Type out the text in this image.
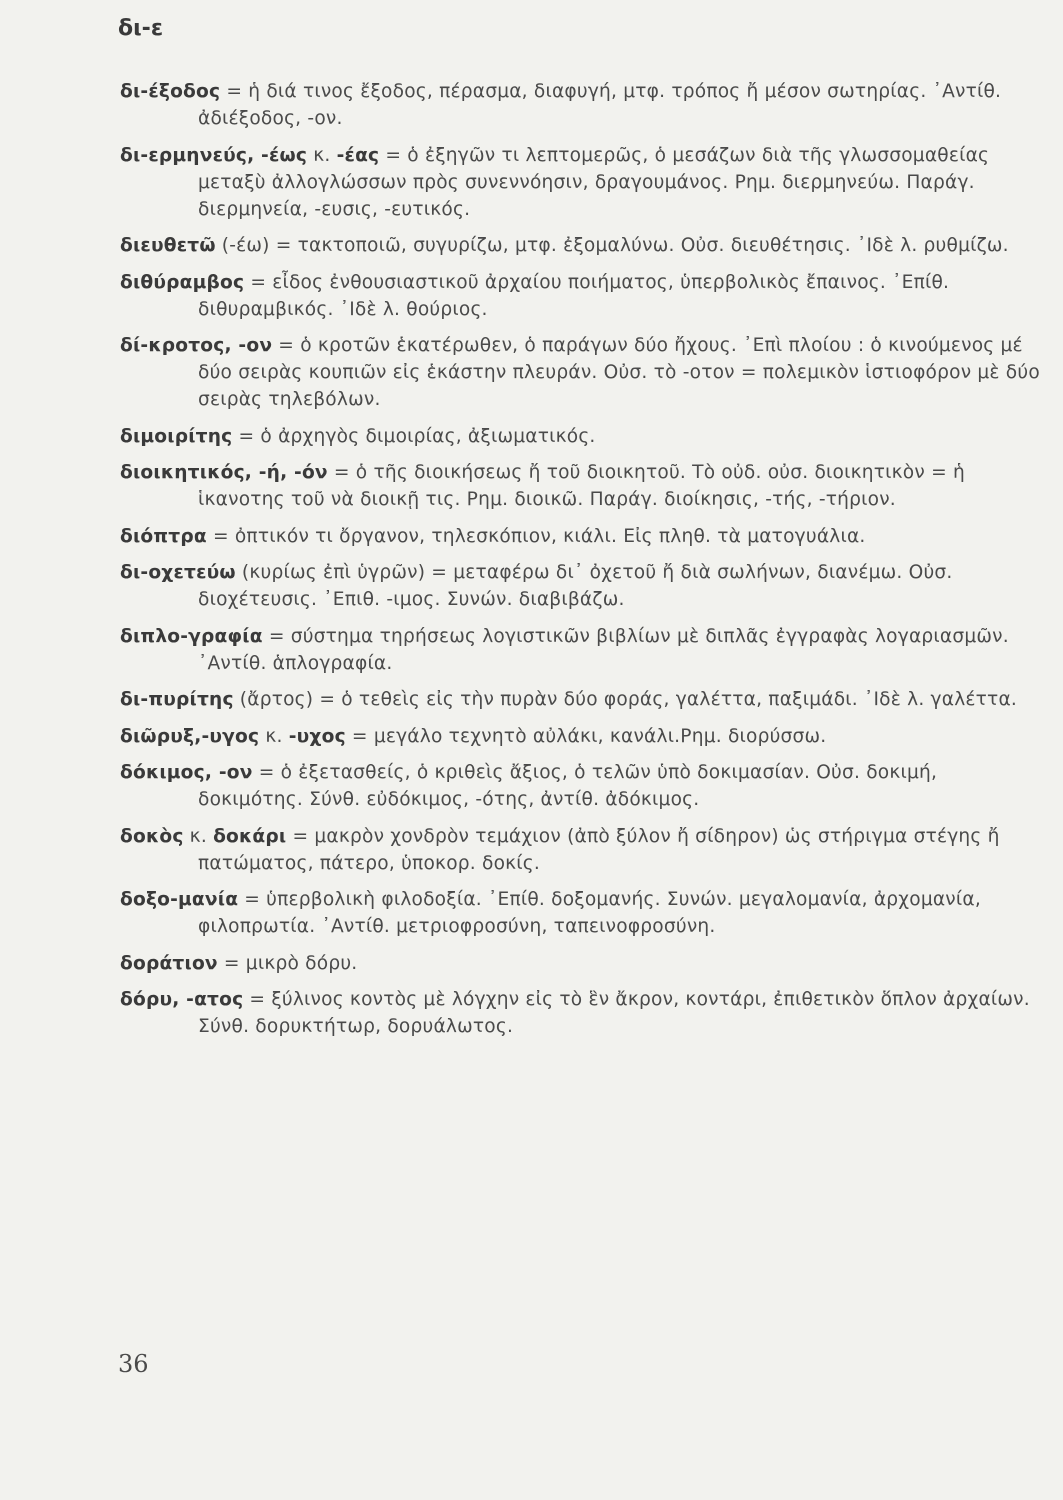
δι-ε
δι-έξοδος = ἡ διά τινος ἔξοδος, πέρασμα, διαφυγή, μτφ. τρόπος ἤ μέσον σωτηρίας. ᾽Αντίθ. ἀδιέξοδος, -ον.
δι-ερμηνεύς, -έως κ. -έας = ὁ ἐξηγῶν τι λεπτομερῶς, ὁ μεσάζων διὰ τῆς γλωσσομαθείας μεταξὺ ἀλλογλώσσων πρὸς συνεννόησιν, δραγουμάνος. Ρημ. διερμηνεύω. Παράγ. διερμηνεία, -ευσις, -ευτικός.
διευθετῶ (-έω) = τακτοποιῶ, συγυρίζω, μτφ. ἐξομαλύνω. Οὐσ. διευθέτησις. ᾽Ιδὲ λ. ρυθμίζω.
διθύραμβος = εἶδος ἐνθουσιαστικοῦ ἀρχαίου ποιήματος, ὑπερβολικὸς ἔπαινος. ᾽Επίθ. διθυραμβικός. ᾽Ιδὲ λ. θούριος.
δί-κροτος, -ον = ὁ κροτῶν ἑκατέρωθεν, ὁ παράγων δύο ἤχους. ᾽Επὶ πλοίου : ὁ κινούμενος μέ δύο σειρὰς κουπιῶν εἰς ἑκάστην πλευράν. Οὐσ. τὸ -οτον = πολεμικὸν ἱστιοφόρον μὲ δύο σειρὰς τηλεβόλων.
διμοιρίτης = ὁ ἀρχηγὸς διμοιρίας, ἀξιωματικός.
διοικητικός, -ή, -όν = ὁ τῆς διοικήσεως ἤ τοῦ διοικητοῦ. Τὸ οὐδ. οὐσ. διοικητικὸν = ἡ ἱκανοτης τοῦ νὰ διοικῇ τις. Ρημ. διοικῶ. Παράγ. διοίκησις, -τής, -τήριον.
διόπτρα = ὀπτικόν τι ὄργανον, τηλεσκόπιον, κιάλι. Εἰς πληθ. τὰ ματογυάλια.
δι-οχετεύω (κυρίως ἐπὶ ὑγρῶν) = μεταφέρω δι᾽ ὀχετοῦ ἤ διὰ σωλήνων, διανέμω. Οὐσ. διοχέτευσις. ᾽Επιθ. -ιμος. Συνών. διαβιβάζω.
διπλο-γραφία = σύστημα τηρήσεως λογιστικῶν βιβλίων μὲ διπλᾶς ἐγγραφὰς λογαριασμῶν. ᾽Αντίθ. ἁπλογραφία.
δι-πυρίτης (ἄρτος) = ὁ τεθεὶς εἰς τὴν πυρὰν δύο φοράς, γαλέττα, παξιμάδι. ᾽Ιδὲ λ. γαλέττα.
διῶρυξ,-υγος κ. -υχος = μεγάλο τεχνητὸ αὐλάκι, κανάλι.Ρημ. διορύσσω.
δόκιμος, -ον = ὁ ἐξετασθείς, ὁ κριθεὶς ἄξιος, ὁ τελῶν ὑπὸ δοκιμασίαν. Οὐσ. δοκιμή, δοκιμότης. Σύνθ. εὐδόκιμος, -ότης, ἀντίθ. ἀδόκιμος.
δοκὸς κ. δοκάρι = μακρὸν χονδρὸν τεμάχιον (ἀπὸ ξύλον ἤ σίδηρον) ὡς στήριγμα στέγης ἤ πατώματος, πάτερο, ὑποκορ. δοκίς.
δοξο-μανία = ὑπερβολικὴ φιλοδοξία. ᾽Επίθ. δοξομανής. Συνών. μεγαλομανία, ἀρχομανία, φιλοπρωτία. ᾽Αντίθ. μετριοφροσύνη, ταπεινοφροσύνη.
δοράτιον = μικρὸ δόρυ.
δόρυ, -ατος = ξύλινος κοντὸς μὲ λόγχην εἰς τὸ ἓν ἄκρον, κοντάρι, ἐπιθετικὸν ὅπλον ἀρχαίων. Σύνθ. δορυκτήτωρ, δορυάλωτος.
36
